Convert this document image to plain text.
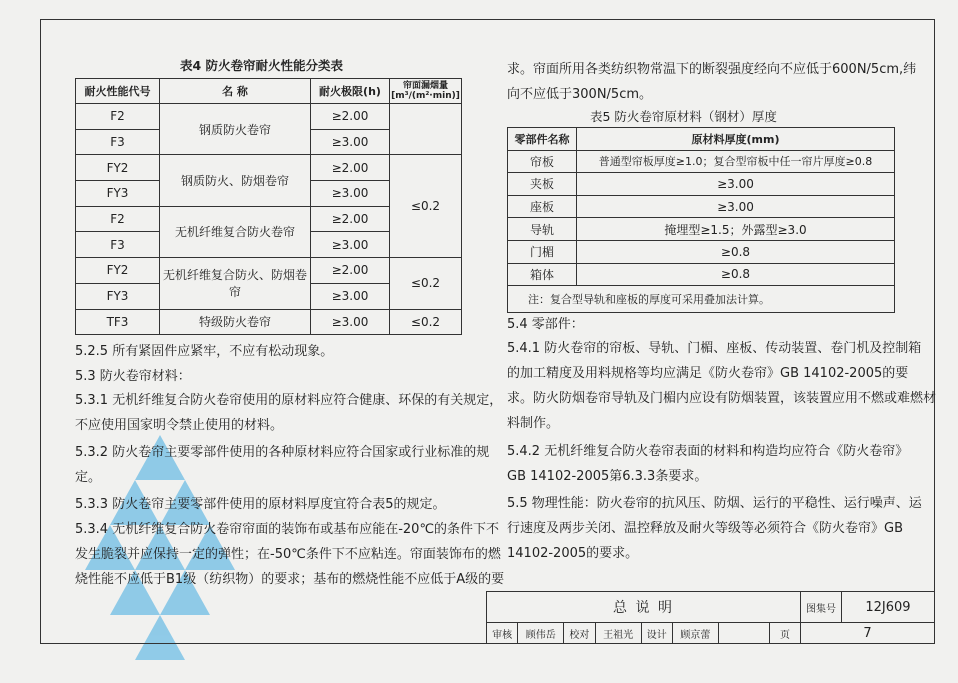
表4 防火卷帘耐火性能分类表
耐火性能代号	名 称	耐火极限(h)	帘面漏烟量 [m³/(m²·min)]
F2	钢质防火卷帘	≥2.00	
F3		≥3.00	
FY2	钢质防火、防烟卷帘	≥2.00	≤0.2
FY3		≥3.00	
F2	无机纤维复合防火卷帘	≥2.00	
F3		≥3.00	
FY2	无机纤维复合防火、防烟卷帘	≥2.00	≤0.2
FY3		≥3.00	
TF3	特级防火卷帘	≥3.00	≤0.2
5.2.5 所有紧固件应紧牢，不应有松动现象。
5.3 防火卷帘材料：
5.3.1 无机纤维复合防火卷帘使用的原材料应符合健康、环保的有关规定，
不应使用国家明令禁止使用的材料。
5.3.2 防火卷帘主要零部件使用的各种原材料应符合国家或行业标准的规
定。
5.3.3 防火卷帘主要零部件使用的原材料厚度宜符合表5的规定。
5.3.4 无机纤维复合防火卷帘帘面的装饰布或基布应能在-20℃的条件下不
发生脆裂并应保持一定的弹性；在-50℃条件下不应粘连。帘面装饰布的燃
烧性能不应低于B1级（纺织物）的要求；基布的燃烧性能不应低于A级的要
求。帘面所用各类纺织物常温下的断裂强度经向不应低于600N/5cm,纬
向不应低于300N/5cm。
表5 防火卷帘原材料（钢材）厚度
零部件名称	原材料厚度(mm)
帘板	普通型帘板厚度≥1.0；复合型帘板中任一帘片厚度≥0.8
夹板	≥3.00
座板	≥3.00
导轨	掩埋型≥1.5；外露型≥3.0
门楣	≥0.8
箱体	≥0.8
注：复合型导轨和座板的厚度可采用叠加法计算。	
5.4 零部件：
5.4.1 防火卷帘的帘板、导轨、门楣、座板、传动装置、卷门机及控制箱
的加工精度及用料规格等均应满足《防火卷帘》GB 14102-2005的要
求。防火防烟卷帘导轨及门楣内应设有防烟装置，该装置应用不燃或难燃材
料制作。
5.4.2 无机纤维复合防火卷帘表面的材料和构造均应符合《防火卷帘》
GB 14102-2005第6.3.3条要求。
5.5 物理性能：防火卷帘的抗风压、防烟、运行的平稳性、运行噪声、运
行速度及两步关闭、温控释放及耐火等级等必须符合《防火卷帘》GB
14102-2005的要求。
总 说 明								图集号	12J609
审核	顾伟岳	校对	王祖光	设计	顾京蕾		页	7	
